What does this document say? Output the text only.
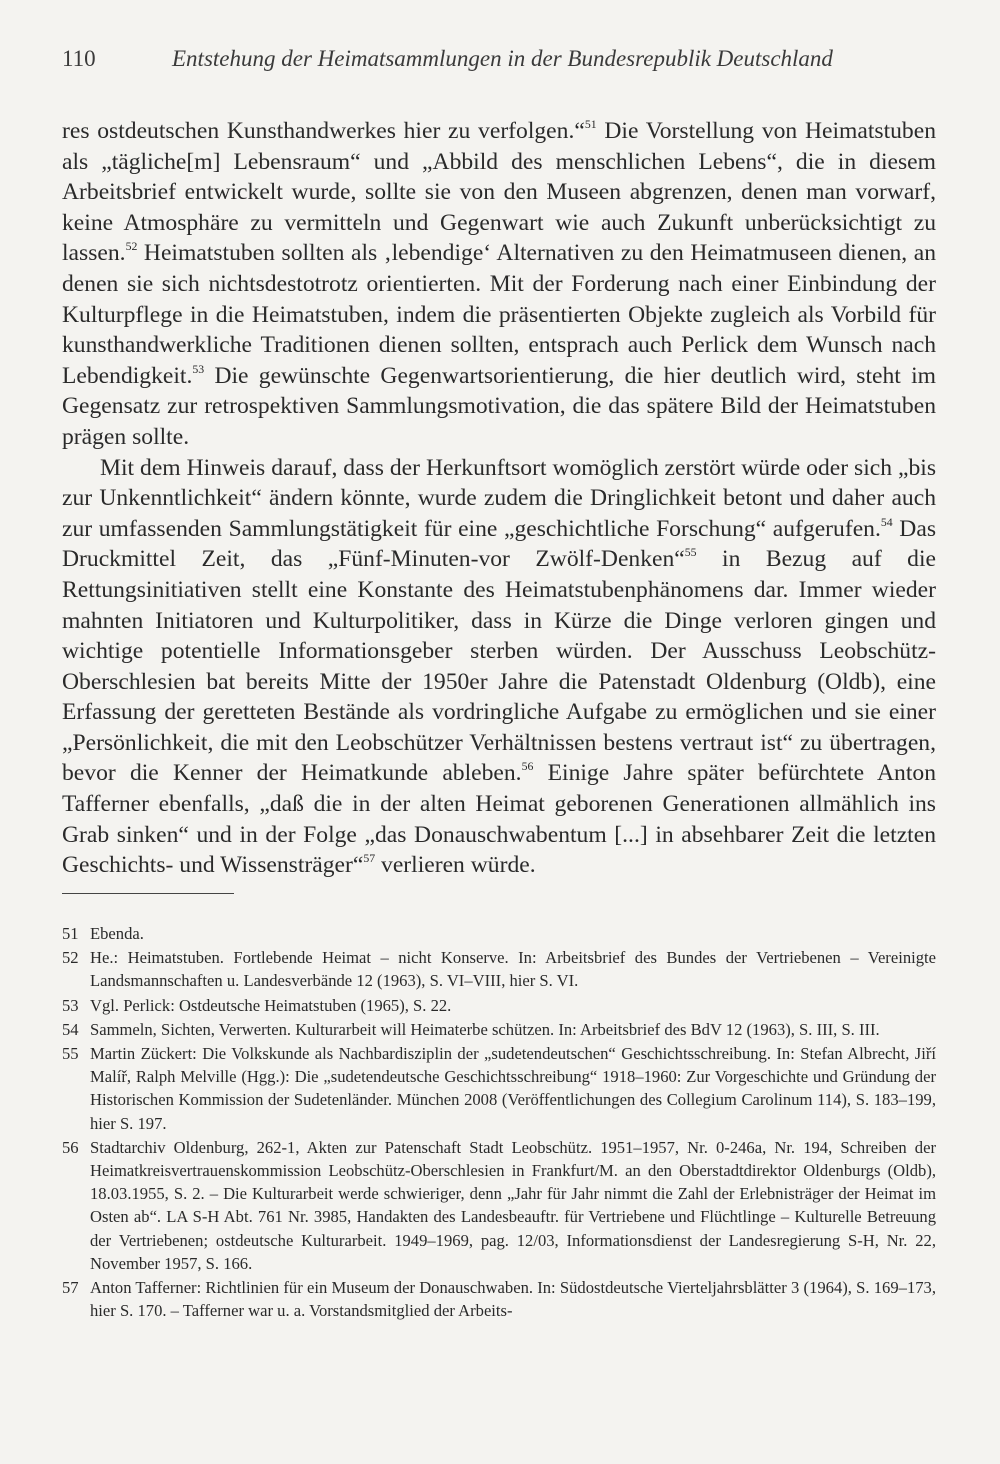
110	Entstehung der Heimatsammlungen in der Bundesrepublik Deutschland

res ostdeutschen Kunsthandwerkes hier zu verfolgen.“$^{51}$ Die Vorstellung von Heimatstuben als „tägliche[m] Lebensraum“ und „Abbild des menschlichen Lebens“, die in diesem Arbeitsbrief entwickelt wurde, sollte sie von den Museen abgrenzen, denen man vorwarf, keine Atmosphäre zu vermitteln und Gegenwart wie auch Zukunft unberücksichtigt zu lassen.$^{52}$ Heimatstuben sollten als ‚lebendige‘ Alternativen zu den Heimatmuseen dienen, an denen sie sich nichtsdestotrotz orientierten. Mit der Forderung nach einer Einbindung der Kulturpflege in die Heimatstuben, indem die präsentierten Objekte zugleich als Vorbild für kunsthandwerkliche Traditionen dienen sollten, entsprach auch Perlick dem Wunsch nach Lebendigkeit.$^{53}$ Die gewünschte Gegenwartsorientierung, die hier deutlich wird, steht im Gegensatz zur retrospektiven Sammlungsmotivation, die das spätere Bild der Heimatstuben prägen sollte.

Mit dem Hinweis darauf, dass der Herkunftsort womöglich zerstört würde oder sich „bis zur Unkenntlichkeit“ ändern könnte, wurde zudem die Dringlichkeit betont und daher auch zur umfassenden Sammlungstätigkeit für eine „geschichtliche Forschung“ aufgerufen.$^{54}$ Das Druckmittel Zeit, das „Fünf-Minuten-vor Zwölf-Denken“$^{55}$ in Bezug auf die Rettungsinitiativen stellt eine Konstante des Heimatstubenphänomens dar. Immer wieder mahnten Initiatoren und Kulturpolitiker, dass in Kürze die Dinge verloren gingen und wichtige potentielle Informationsgeber sterben würden. Der Ausschuss Leobschütz-Oberschlesien bat bereits Mitte der 1950er Jahre die Patenstadt Oldenburg (Oldb), eine Erfassung der geretteten Bestände als vordringliche Aufgabe zu ermöglichen und sie einer „Persönlichkeit, die mit den Leobschützer Verhältnissen bestens vertraut ist“ zu übertragen, bevor die Kenner der Heimatkunde ableben.$^{56}$ Einige Jahre später befürchtete Anton Tafferner ebenfalls, „daß die in der alten Heimat geborenen Generationen allmählich ins Grab sinken“ und in der Folge „das Donauschwabentum [...] in absehbarer Zeit die letzten Geschichts- und Wissensträger“$^{57}$ verlieren würde.

51 Ebenda.
52 He.: Heimatstuben. Fortlebende Heimat – nicht Konserve. In: Arbeitsbrief des Bundes der Vertriebenen – Vereinigte Landsmannschaften u. Landesverbände 12 (1963), S. VI–VIII, hier S. VI.
53 Vgl. Perlick: Ostdeutsche Heimatstuben (1965), S. 22.
54 Sammeln, Sichten, Verwerten. Kulturarbeit will Heimaterbe schützen. In: Arbeitsbrief des BdV 12 (1963), S. III, S. III.
55 Martin Zückert: Die Volkskunde als Nachbardisziplin der „sudetendeutschen“ Geschichtsschreibung. In: Stefan Albrecht, Jiří Malíř, Ralph Melville (Hgg.): Die „sudetendeutsche Geschichtsschreibung“ 1918–1960: Zur Vorgeschichte und Gründung der Historischen Kommission der Sudetenländer. München 2008 (Veröffentlichungen des Collegium Carolinum 114), S. 183–199, hier S. 197.
56 Stadtarchiv Oldenburg, 262-1, Akten zur Patenschaft Stadt Leobschütz. 1951–1957, Nr. 0-246a, Nr. 194, Schreiben der Heimatkreisvertrauenskommission Leobschütz-Oberschlesien in Frankfurt/M. an den Oberstadtdirektor Oldenburgs (Oldb), 18.03.1955, S. 2. – Die Kulturarbeit werde schwieriger, denn „Jahr für Jahr nimmt die Zahl der Erlebnisträger der Heimat im Osten ab“. LA S-H Abt. 761 Nr. 3985, Handakten des Landesbeauftr. für Vertriebene und Flüchtlinge – Kulturelle Betreuung der Vertriebenen; ostdeutsche Kulturarbeit. 1949–1969, pag. 12/03, Informationsdienst der Landesregierung S-H, Nr. 22, November 1957, S. 166.
57 Anton Tafferner: Richtlinien für ein Museum der Donauschwaben. In: Südostdeutsche Vierteljahrsblätter 3 (1964), S. 169–173, hier S. 170. – Tafferner war u. a. Vorstandsmitglied der Arbeits-
